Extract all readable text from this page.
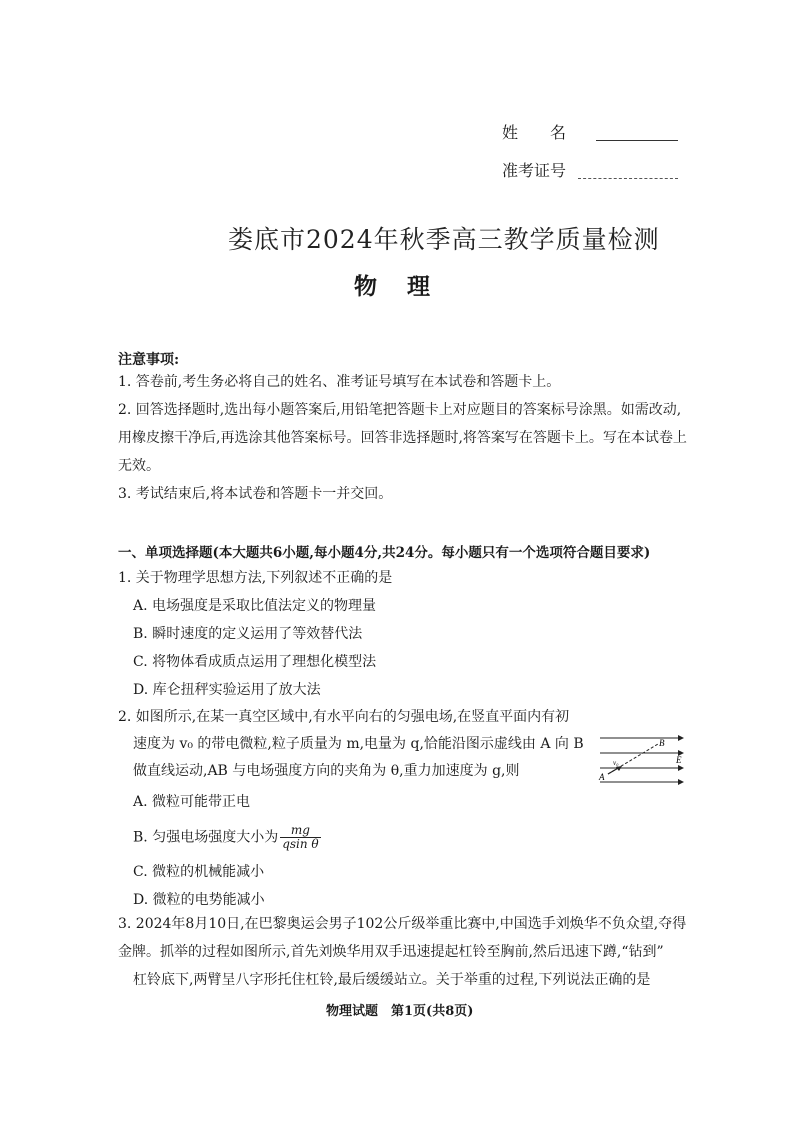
姓　　名
准考证号
娄底市2024年秋季高三教学质量检测
物理
注意事项:
1. 答卷前,考生务必将自己的姓名、准考证号填写在本试卷和答题卡上。
2. 回答选择题时,选出每小题答案后,用铅笔把答题卡上对应题目的答案标号涂黑。如需改动,
用橡皮擦干净后,再选涂其他答案标号。回答非选择题时,将答案写在答题卡上。写在本试卷上
无效。
3. 考试结束后,将本试卷和答题卡一并交回。
一、单项选择题(本大题共6小题,每小题4分,共24分。每小题只有一个选项符合题目要求)
1. 关于物理学思想方法,下列叙述不正确的是
A. 电场强度是采取比值法定义的物理量
B. 瞬时速度的定义运用了等效替代法
C. 将物体看成质点运用了理想化模型法
D. 库仑扭秤实验运用了放大法
2. 如图所示,在某一真空区域中,有水平向右的匀强电场,在竖直平面内有初
速度为 v₀ 的带电微粒,粒子质量为 m,电量为 q,恰能沿图示虚线由 A 向 B
做直线运动,AB 与电场强度方向的夹角为 θ,重力加速度为 g,则	A
B
E
v₀
A. 微粒可能带正电
B. 匀强电场强度大小为 $\frac{mg}{\text{qsin θ}}$
C. 微粒的机械能减小
D. 微粒的电势能减小
3. 2024年8月10日,在巴黎奥运会男子102公斤级举重比赛中,中国选手刘焕华不负众望,夺得
金牌。抓举的过程如图所示,首先刘焕华用双手迅速提起杠铃至胸前,然后迅速下蹲,“钻到”
杠铃底下,两臂呈八字形托住杠铃,最后缓缓站立。关于举重的过程,下列说法正确的是
物理试题　第1页(共8页)
